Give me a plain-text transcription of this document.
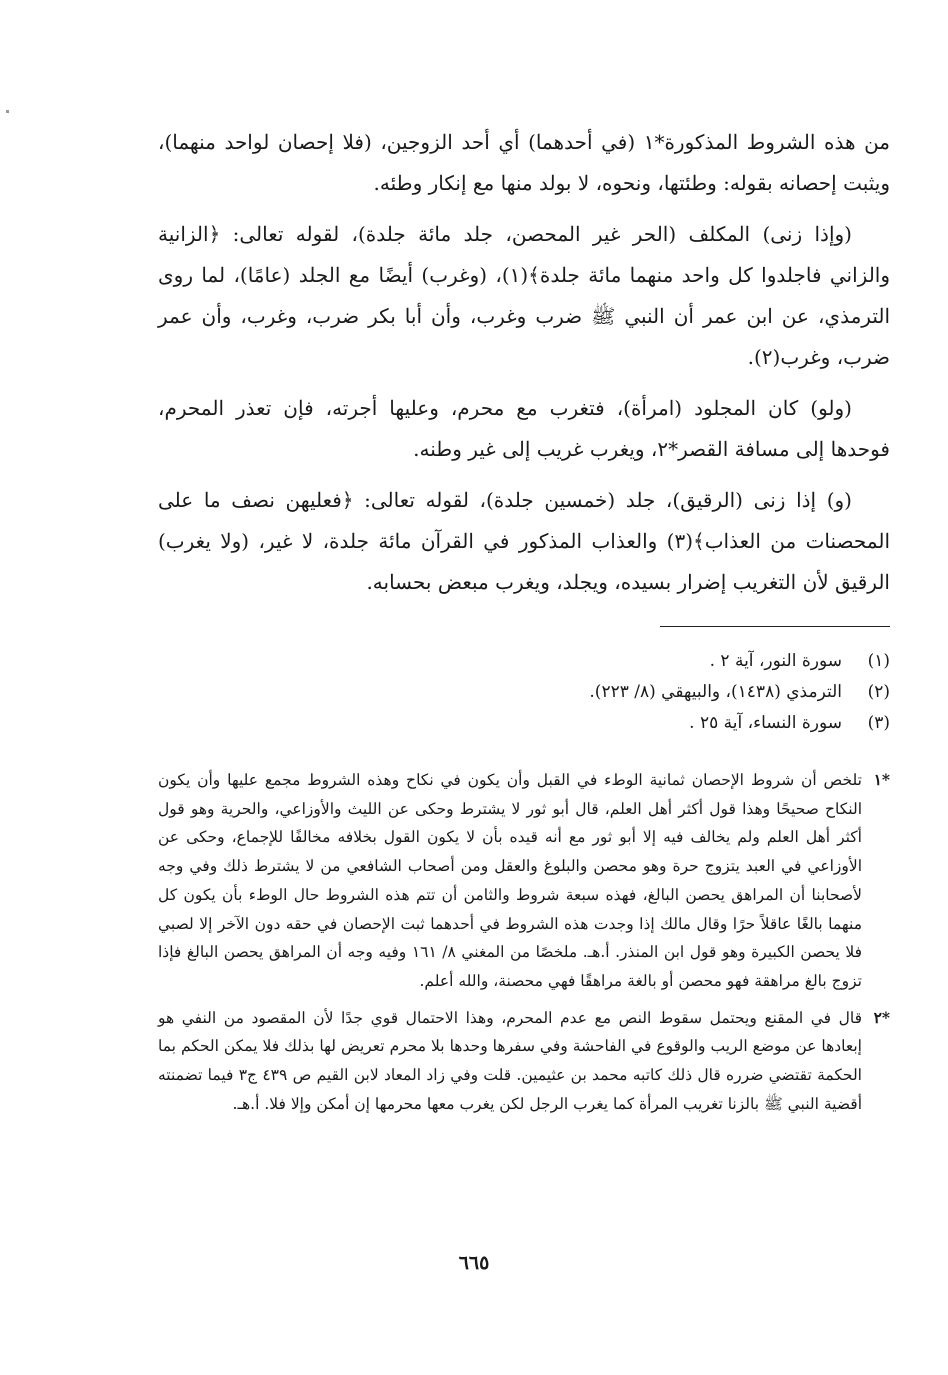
من هذه الشروط المذكورة*١ (في أحدهما) أي أحد الزوجين، (فلا إحصان لواحد منهما)، ويثبت إحصانه بقوله: وطئتها، ونحوه، لا بولد منها مع إنكار وطئه.

(وإذا زنى) المكلف (الحر غير المحصن، جلد مائة جلدة)، لقوله تعالى: ﴿الزانية والزاني فاجلدوا كل واحد منهما مائة جلدة﴾(١)، (وغرب) أيضًا مع الجلد (عامًا)، لما روى الترمذي، عن ابن عمر أن النبي ﷺ ضرب وغرب، وأن أبا بكر ضرب، وغرب، وأن عمر ضرب، وغرب(٢).

(ولو) كان المجلود (امرأة)، فتغرب مع محرم، وعليها أجرته، فإن تعذر المحرم، فوحدها إلى مسافة القصر*٢، ويغرب غريب إلى غير وطنه.

(و) إذا زنى (الرقيق)، جلد (خمسين جلدة)، لقوله تعالى: ﴿فعليهن نصف ما على المحصنات من العذاب﴾(٣) والعذاب المذكور في القرآن مائة جلدة، لا غير، (ولا يغرب) الرقيق لأن التغريب إضرار بسيده، ويجلد، ويغرب مبعض بحسابه.

(١)
سورة النور، آية ٢ .
(٢)
الترمذي (١٤٣٨)، والبيهقي (٨/ ٢٢٣).
(٣)
سورة النساء، آية ٢٥ .
*١
تلخص أن شروط الإحصان ثمانية الوطء في القبل وأن يكون في نكاح وهذه الشروط مجمع عليها وأن يكون النكاح صحيحًا وهذا قول أكثر أهل العلم، قال أبو ثور لا يشترط وحكى عن الليث والأوزاعي، والحرية وهو قول أكثر أهل العلم ولم يخالف فيه إلا أبو ثور مع أنه قيده بأن لا يكون القول بخلافه مخالفًا للإجماع، وحكى عن الأوزاعي في العبد يتزوج حرة وهو محصن والبلوغ والعقل ومن أصحاب الشافعي من لا يشترط ذلك وفي وجه لأصحابنا أن المراهق يحصن البالغ، فهذه سبعة شروط والثامن أن تتم هذه الشروط حال الوطء بأن يكون كل منهما بالغًا عاقلاً حرًا وقال مالك إذا وجدت هذه الشروط في أحدهما ثبت الإحصان في حقه دون الآخر إلا لصبي فلا يحصن الكبيرة وهو قول ابن المنذر. أ.هـ. ملخصًا من المغني ٨/ ١٦١ وفيه وجه أن المراهق يحصن البالغ فإذا تزوج بالغ مراهقة فهو محصن أو بالغة مراهقًا فهي محصنة، والله أعلم.
*٢
قال في المقنع ويحتمل سقوط النص مع عدم المحرم، وهذا الاحتمال قوي جدًا لأن المقصود من النفي هو إبعادها عن موضع الريب والوقوع في الفاحشة وفي سفرها وحدها بلا محرم تعريض لها بذلك فلا يمكن الحكم بما الحكمة تقتضي ضرره قال ذلك كاتبه محمد بن عثيمين. قلت وفي زاد المعاد لابن القيم ص ٤٣٩ ج٣ فيما تضمنته أقضية النبي ﷺ بالزنا تغريب المرأة كما يغرب الرجل لكن يغرب معها محرمها إن أمكن وإلا فلا. أ.هـ.
٦٦٥
